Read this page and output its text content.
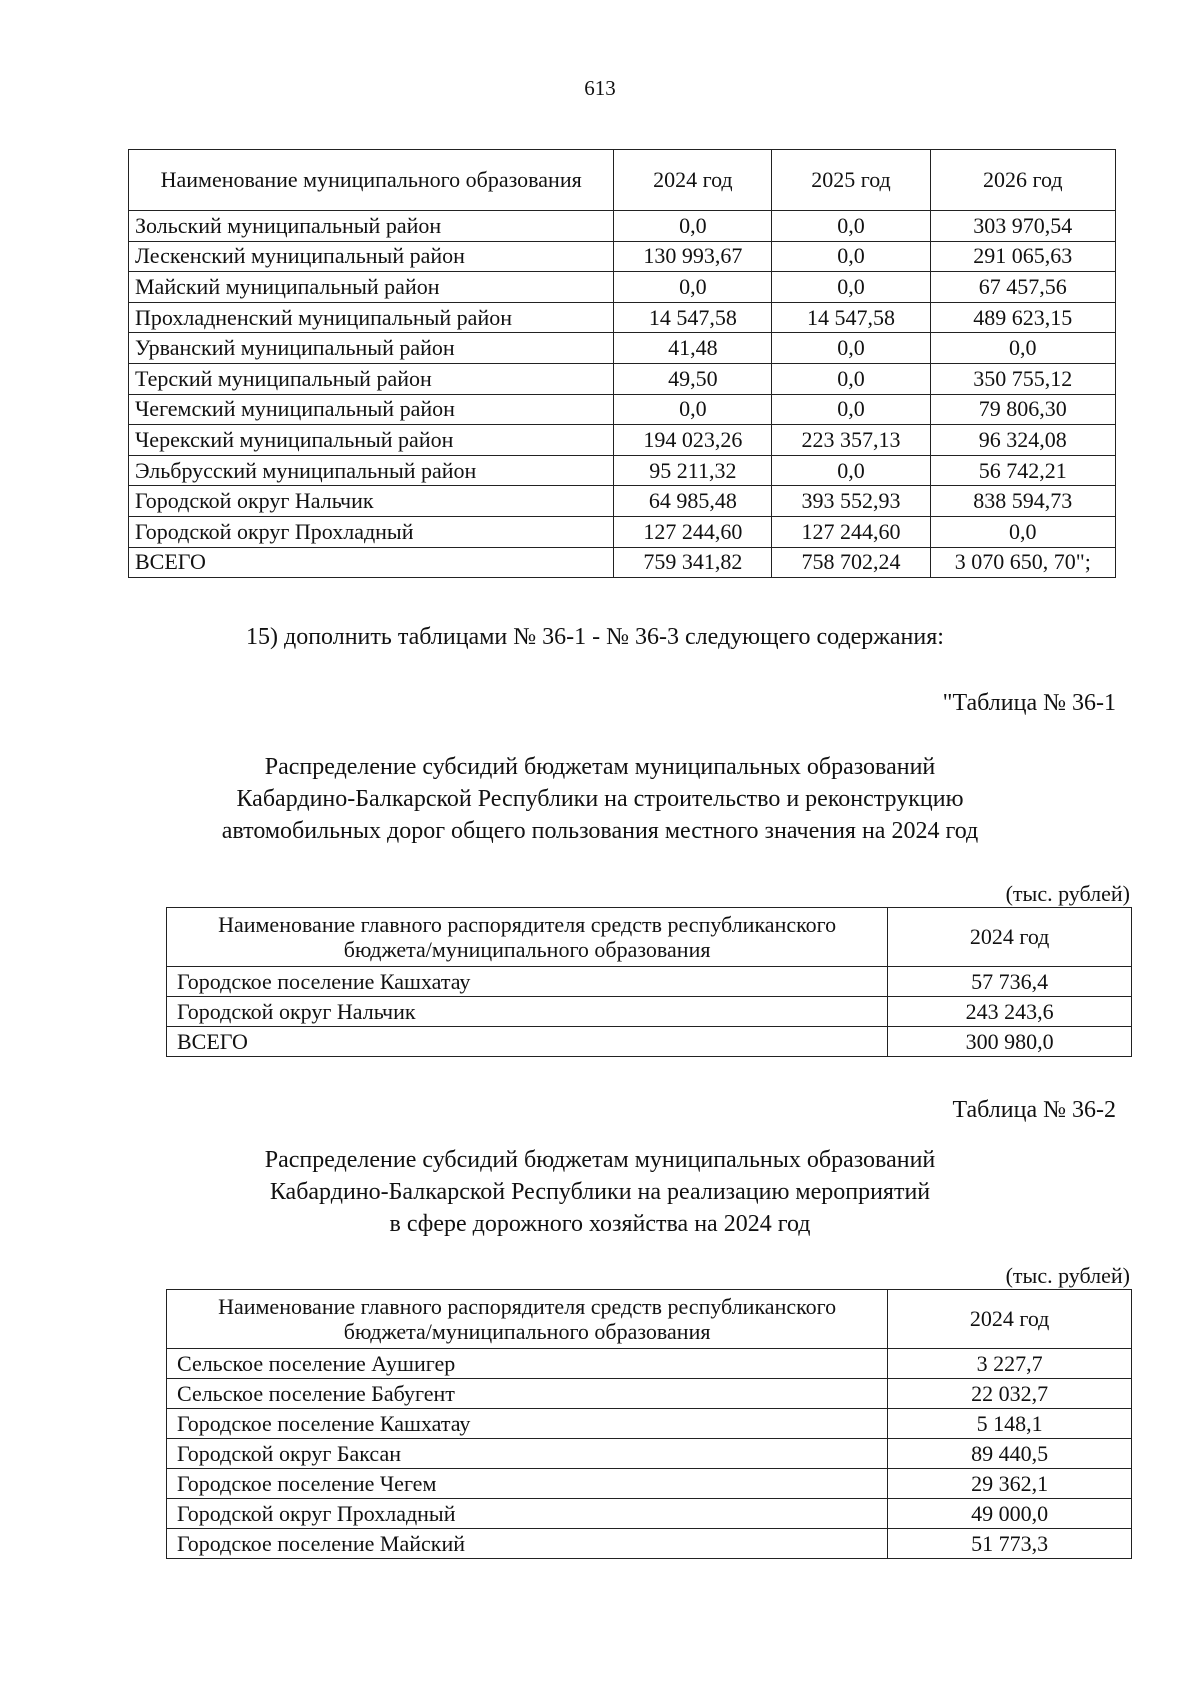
613
Наименование муниципального образования	2024 год	2025 год	2026 год
Зольский муниципальный район	0,0	0,0	303 970,54
Лескенский муниципальный район	130 993,67	0,0	291 065,63
Майский муниципальный район	0,0	0,0	67 457,56
Прохладненский муниципальный район	14 547,58	14 547,58	489 623,15
Урванский муниципальный район	41,48	0,0	0,0
Терский муниципальный район	49,50	0,0	350 755,12
Чегемский муниципальный район	0,0	0,0	79 806,30
Черекский муниципальный район	194 023,26	223 357,13	96 324,08
Эльбрусский муниципальный район	95 211,32	0,0	56 742,21
Городской округ Нальчик	64 985,48	393 552,93	838 594,73
Городской округ Прохладный	127 244,60	127 244,60	0,0
ВСЕГО	759 341,82	758 702,24	3 070 650, 70";
15) дополнить таблицами № 36-1 - № 36-3 следующего содержания:
"Таблица № 36-1
Распределение субсидий бюджетам муниципальных образований
Кабардино-Балкарской Республики на строительство и реконструкцию
автомобильных дорог общего пользования местного значения на 2024 год
(тыс. рублей)
Наименование главного распорядителя средств республиканского бюджета/муниципального образования	2024 год
Городское поселение Кашхатау	57 736,4
Городской округ Нальчик	243 243,6
ВСЕГО	300 980,0
Таблица № 36-2
Распределение субсидий бюджетам муниципальных образований
Кабардино-Балкарской Республики на реализацию мероприятий
в сфере дорожного хозяйства на 2024 год
(тыс. рублей)
Наименование главного распорядителя средств республиканского бюджета/муниципального образования	2024 год
Сельское поселение Аушигер	3 227,7
Сельское поселение Бабугент	22 032,7
Городское поселение Кашхатау	5 148,1
Городской округ Баксан	89 440,5
Городское поселение Чегем	29 362,1
Городской округ Прохладный	49 000,0
Городское поселение Майский	51 773,3
